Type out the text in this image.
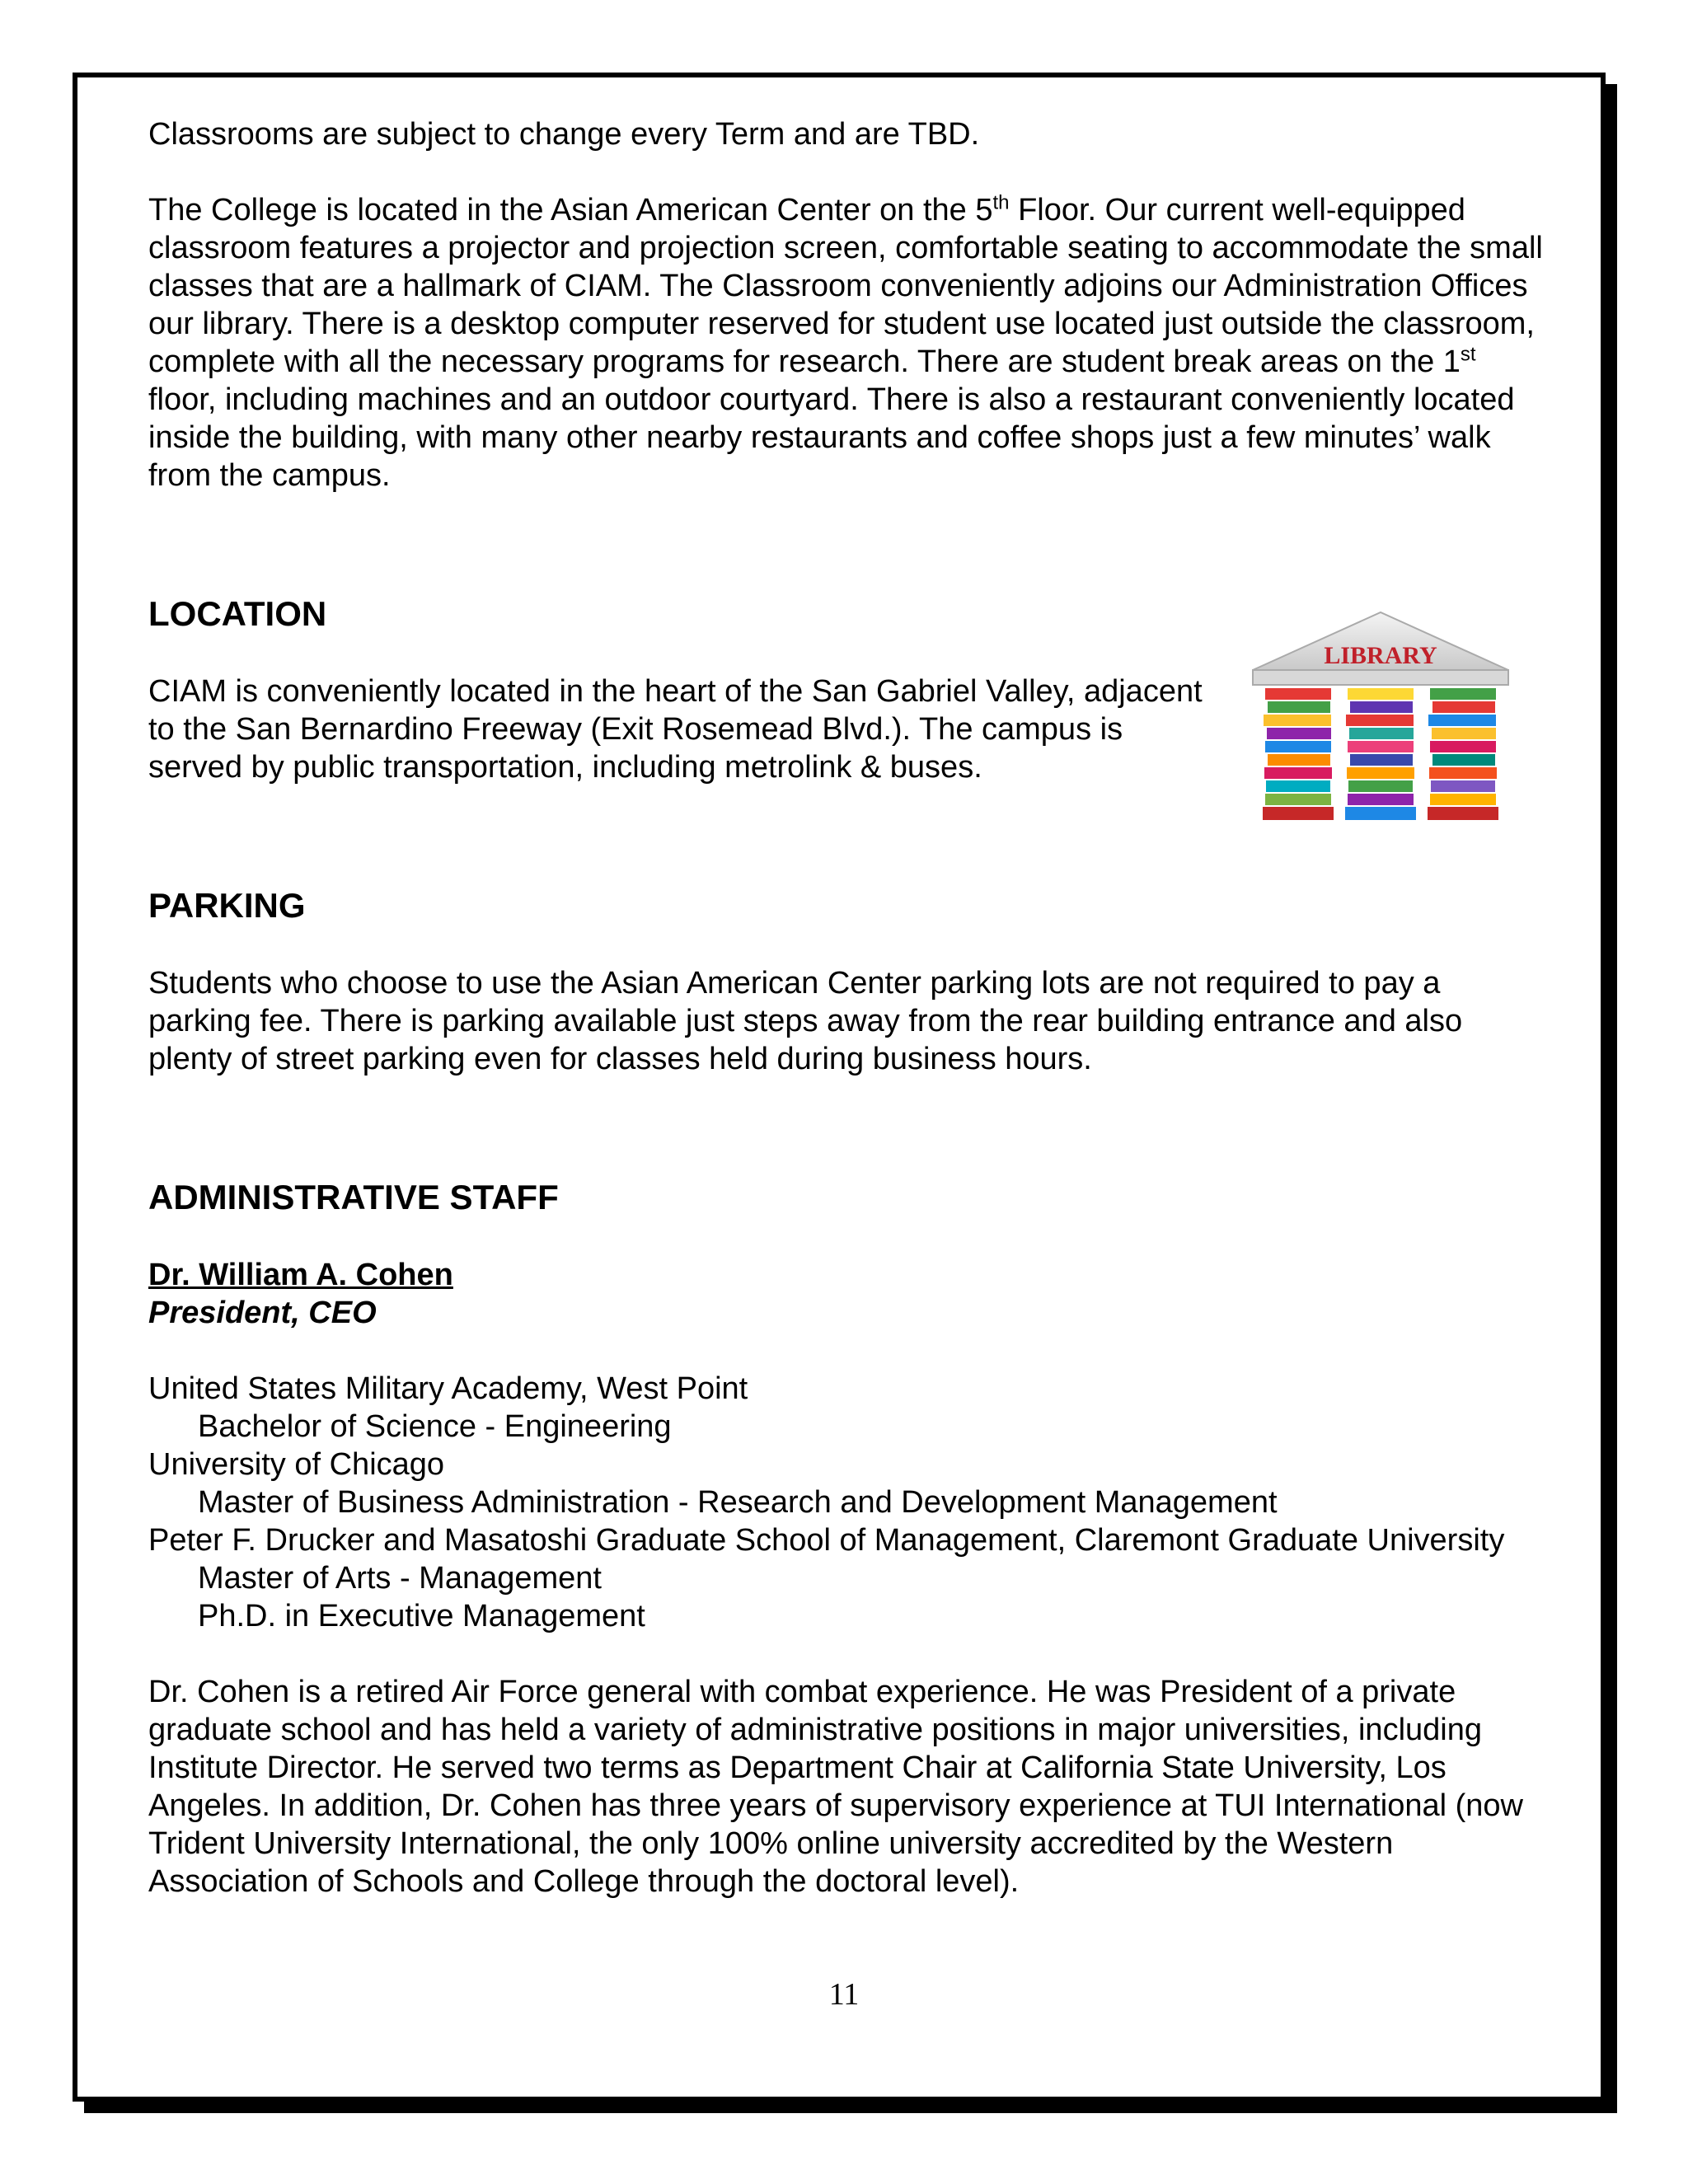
Classrooms are subject to change every Term and are TBD.

The College is located in the Asian American Center on the 5th Floor. Our current well-equipped classroom features a projector and projection screen, comfortable seating to accommodate the small classes that are a hallmark of CIAM. The Classroom conveniently adjoins our Administration Offices our library. There is a desktop computer reserved for student use located just outside the classroom, complete with all the necessary programs for research. There are student break areas on the 1st floor, including machines and an outdoor courtyard. There is also a restaurant conveniently located inside the building, with many other nearby restaurants and coffee shops just a few minutes’ walk from the campus.

LOCATION

CIAM is conveniently located in the heart of the San Gabriel Valley, adjacent to the San Bernardino Freeway (Exit Rosemead Blvd.). The campus is served by public transportation, including metrolink & buses.

PARKING

Students who choose to use the Asian American Center parking lots are not required to pay a parking fee. There is parking available just steps away from the rear building entrance and also plenty of street parking even for classes held during business hours.

ADMINISTRATIVE STAFF

Dr. William A. Cohen

President, CEO

United States Military Academy, West Point

Bachelor of Science - Engineering

University of Chicago

Master of Business Administration - Research and Development Management

Peter F. Drucker and Masatoshi Graduate School of Management, Claremont Graduate University

Master of Arts - Management

Ph.D. in Executive Management

Dr. Cohen is a retired Air Force general with combat experience. He was President of a private graduate school and has held a variety of administrative positions in major universities, including Institute Director. He served two terms as Department Chair at California State University, Los Angeles. In addition, Dr. Cohen has three years of supervisory experience at TUI International (now Trident University International, the only 100% online university accredited by the Western Association of Schools and College through the doctoral level).

LIBRARY
11
